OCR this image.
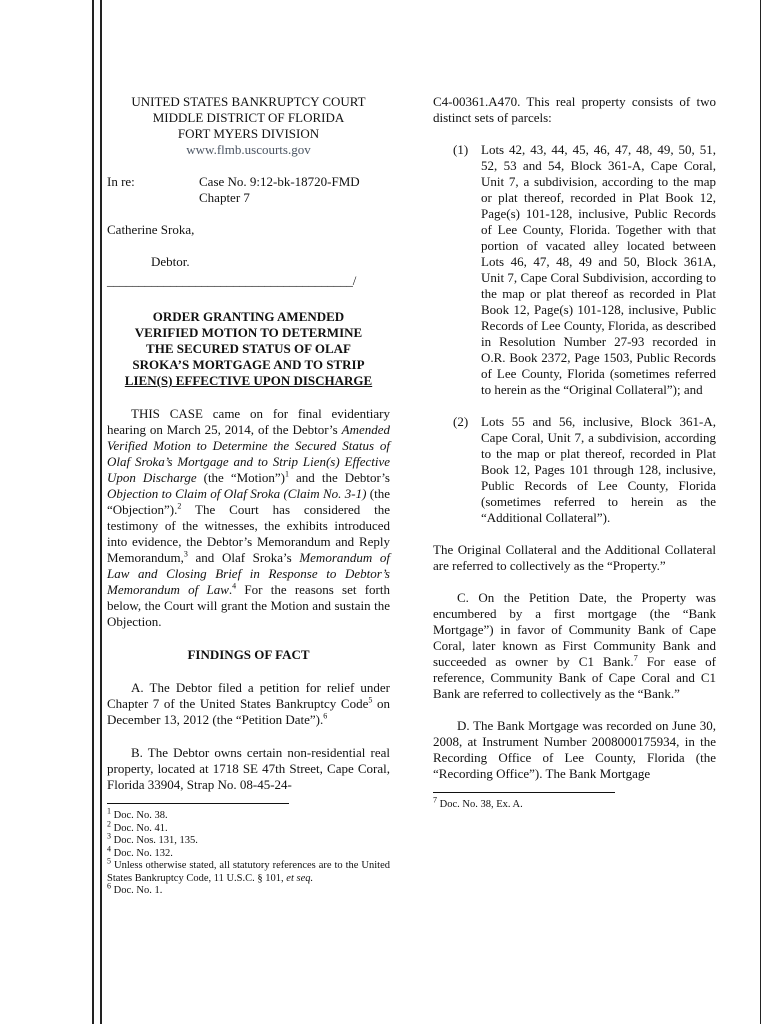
UNITED STATES BANKRUPTCY COURT
MIDDLE DISTRICT OF FLORIDA
FORT MYERS DIVISION
www.flmb.uscourts.gov
In re:	Case No. 9:12-bk-18720-FMD
Chapter 7
Catherine Sroka,
Debtor.
_______________________________________/
ORDER GRANTING AMENDED
VERIFIED MOTION TO DETERMINE
THE SECURED STATUS OF OLAF
SROKA’S MORTGAGE AND TO STRIP
LIEN(S) EFFECTIVE UPON DISCHARGE

THIS CASE came on for final evidentiary hearing on March 25, 2014, of the Debtor’s Amended Verified Motion to Determine the Secured Status of Olaf Sroka’s Mortgage and to Strip Lien(s) Effective Upon Discharge (the “Motion”)$^1$ and the Debtor’s Objection to Claim of Olaf Sroka (Claim No. 3-1) (the “Objection”).$^2$ The Court has considered the testimony of the witnesses, the exhibits introduced into evidence, the Debtor’s Memorandum and Reply Memorandum,$^3$ and Olaf Sroka’s Memorandum of Law and Closing Brief in Response to Debtor’s Memorandum of Law.$^4$ For the reasons set forth below, the Court will grant the Motion and sustain the Objection.

FINDINGS OF FACT

A. The Debtor filed a petition for relief under Chapter 7 of the United States Bankruptcy Code$^5$ on December 13, 2012 (the “Petition Date”).$^6$

B. The Debtor owns certain non-residential real property, located at 1718 SE 47th Street, Cape Coral, Florida 33904, Strap No. 08-45-24-

$^1$ Doc. No. 38.
$^2$ Doc. No. 41.
$^3$ Doc. Nos. 131, 135.
$^4$ Doc. No. 132.
$^5$ Unless otherwise stated, all statutory references are to the United States Bankruptcy Code, 11 U.S.C. § 101, et seq.
$^6$ Doc. No. 1.

C4-00361.A470. This real property consists of two distinct sets of parcels:

(1) Lots 42, 43, 44, 45, 46, 47, 48, 49, 50, 51, 52, 53 and 54, Block 361-A, Cape Coral, Unit 7, a subdivision, according to the map or plat thereof, recorded in Plat Book 12, Page(s) 101-128, inclusive, Public Records of Lee County, Florida. Together with that portion of vacated alley located between Lots 46, 47, 48, 49 and 50, Block 361A, Unit 7, Cape Coral Subdivision, according to the map or plat thereof as recorded in Plat Book 12, Page(s) 101-128, inclusive, Public Records of Lee County, Florida, as described in Resolution Number 27-93 recorded in O.R. Book 2372, Page 1503, Public Records of Lee County, Florida (sometimes referred to herein as the “Original Collateral”); and
(2) Lots 55 and 56, inclusive, Block 361-A, Cape Coral, Unit 7, a subdivision, according to the map or plat thereof, recorded in Plat Book 12, Pages 101 through 128, inclusive, Public Records of Lee County, Florida (sometimes referred to herein as the “Additional Collateral”).

The Original Collateral and the Additional Collateral are referred to collectively as the “Property.”

C. On the Petition Date, the Property was encumbered by a first mortgage (the “Bank Mortgage”) in favor of Community Bank of Cape Coral, later known as First Community Bank and succeeded as owner by C1 Bank.$^7$ For ease of reference, Community Bank of Cape Coral and C1 Bank are referred to collectively as the “Bank.”

D. The Bank Mortgage was recorded on June 30, 2008, at Instrument Number 2008000175934, in the Recording Office of Lee County, Florida (the “Recording Office”). The Bank Mortgage

$^7$ Doc. No. 38, Ex. A.
